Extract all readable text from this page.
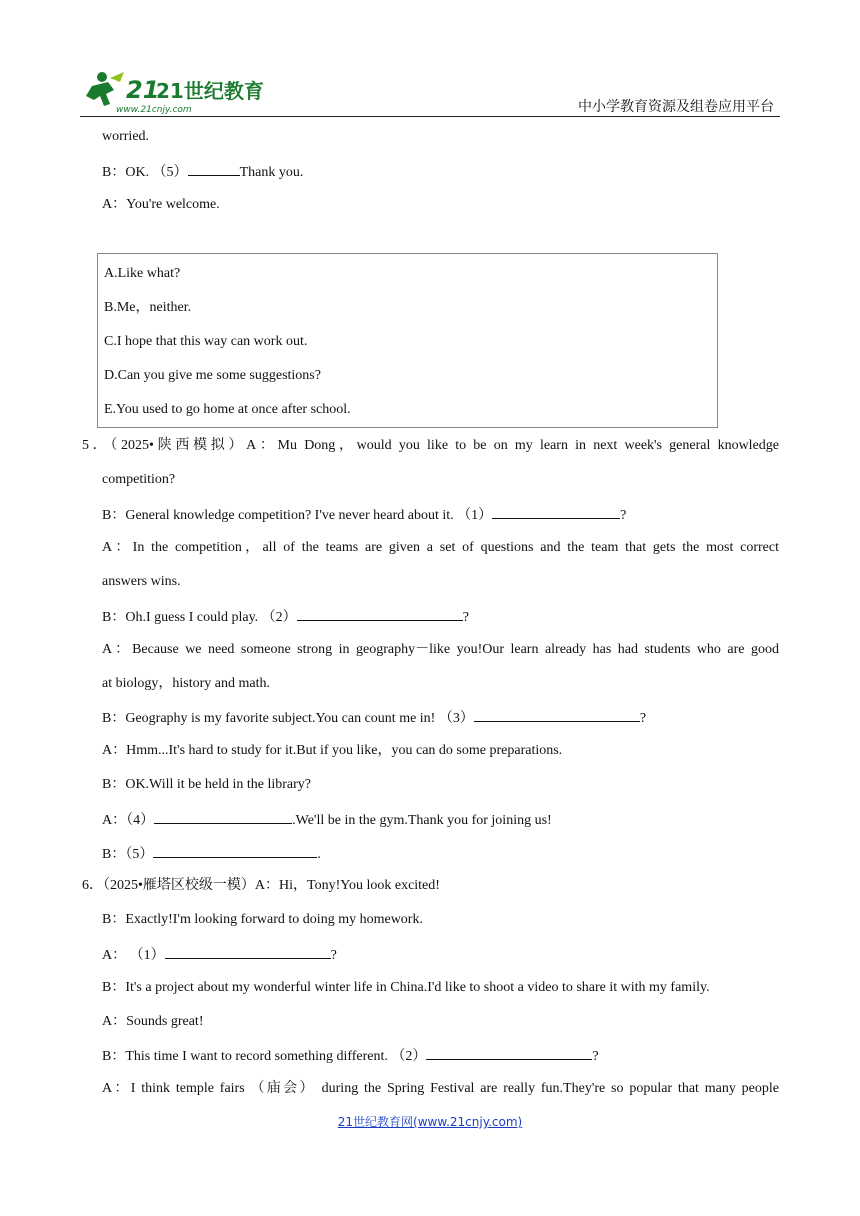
21
21世纪教育
www.21cnjy.com	中小学教育资源及组卷应用平台
worried.
B：OK. （5）	Thank you.
A：You're welcome.
A.Like what?
B.Me，neither.
C.I hope that this way can work out.
D.Can you give me some suggestions?
E.You used to go home at once after school.
5．（2025•陕西模拟）A：Mu Dong，would you like to be on my learn in next week's general knowledge
competition?
B：General knowledge competition? I've never heard about it. （1）	?
A：In the competition，all of the teams are given a set of questions and the team that gets the most correct
answers wins.
B：Oh.I guess I could play. （2）	?
A：Because we need someone strong in geography－like you!Our learn already has had students who are good
at biology，history and math.
B：Geography is my favorite subject.You can count me in! （3）	?
A：Hmm...It's hard to study for it.But if you like，you can do some preparations.
B：OK.Will it be held in the library?
A：（4）	.We'll be in the gym.Thank you for joining us!
B：（5）	.
6．（2025•雁塔区校级一模）A：Hi，Tony!You look excited!
B：Exactly!I'm looking forward to doing my homework.
A： （1）	?
B：It's a project about my wonderful winter life in China.I'd like to shoot a video to share it with my family.
A：Sounds great!
B：This time I want to record something different. （2）	?
A：I think temple fairs （庙会） during the Spring Festival are really fun.They're so popular that many people
21世纪教育网(www.21cnjy.com)
